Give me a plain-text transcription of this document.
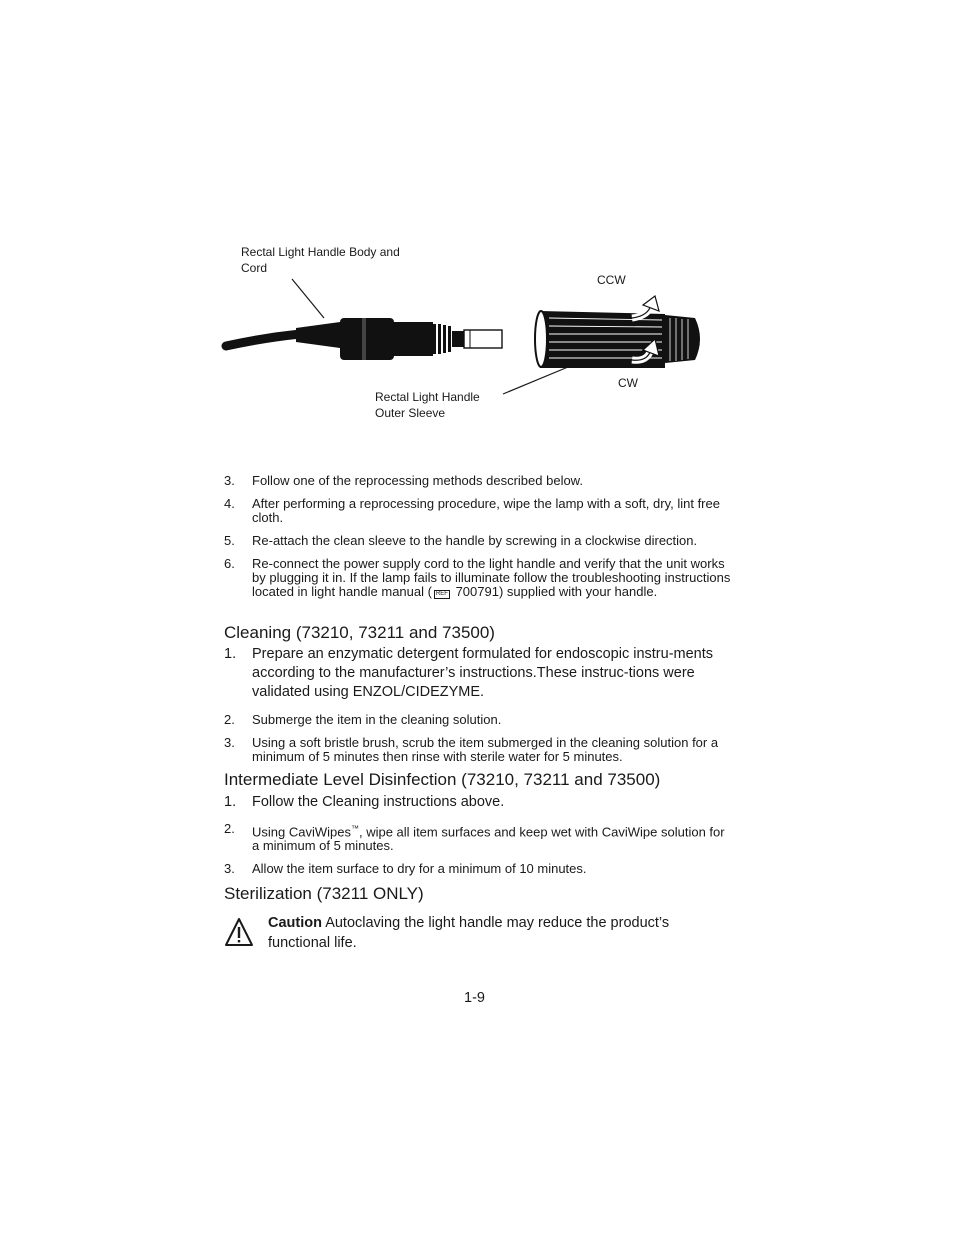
Rectal Light Handle Body and Cord
CCW
CW
Rectal Light Handle Outer Sleeve
3. Follow one of the reprocessing methods described below.
4. After performing a reprocessing procedure, wipe the lamp with a soft, dry, lint free cloth.
5. Re-attach the clean sleeve to the handle by screwing in a clockwise direction.
6. Re-connect the power supply cord to the light handle and verify that the unit works by plugging it in. If the lamp fails to illuminate follow the troubleshooting instructions located in light handle manual ( REF 700791) supplied with your handle.
Cleaning (73210, 73211 and 73500)
1. Prepare an enzymatic detergent formulated for endoscopic instru-ments according to the manufacturer’s instructions.These instruc-tions were validated using ENZOL/CIDEZYME.
2. Submerge the item in the cleaning solution.
3. Using a soft bristle brush, scrub the item submerged in the cleaning solution for a minimum of 5 minutes then rinse with sterile water for 5 minutes.
Intermediate Level Disinfection (73210, 73211 and 73500)
1. Follow the Cleaning instructions above.
2. Using CaviWipes™, wipe all item surfaces and keep wet with CaviWipe solution for a minimum of 5 minutes.
3. Allow the item surface to dry for a minimum of 10 minutes.
Sterilization (73211 ONLY)
Caution Autoclaving the light handle may reduce the product’s functional life.
1-9
